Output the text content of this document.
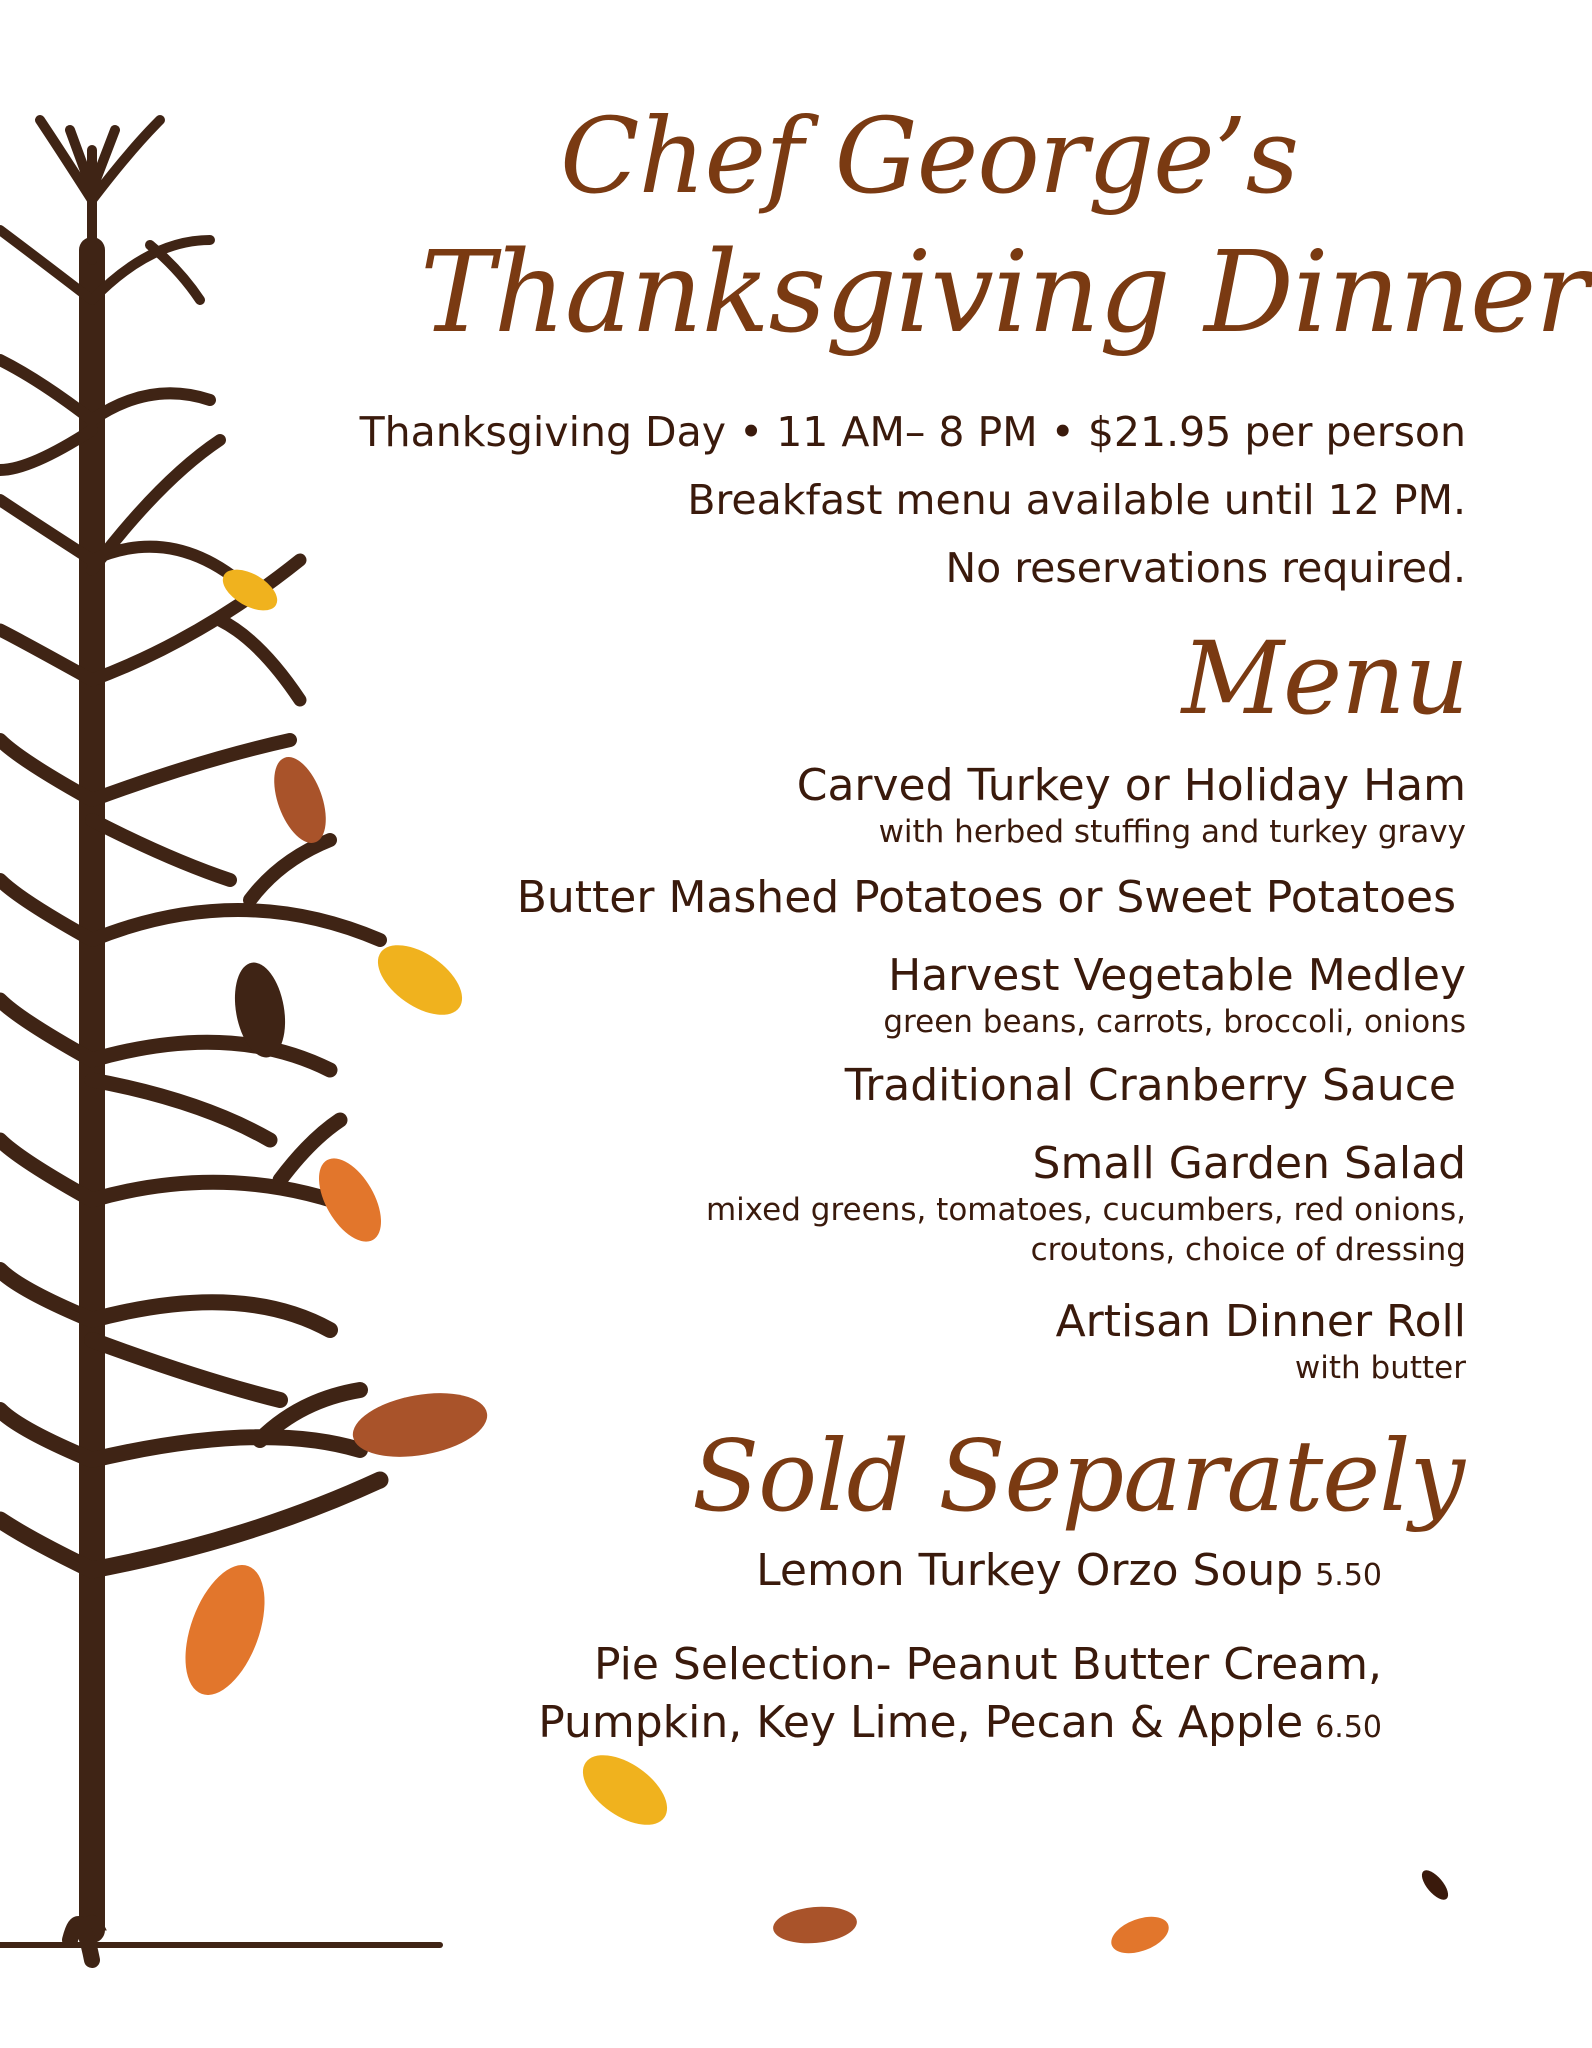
Chef George’s
Thanksgiving Dinner
Thanksgiving Day • 11 AM– 8 PM • $21.95 per person
Breakfast menu available until 12 PM.
No reservations required.
Menu
Carved Turkey or Holiday Ham
with herbed stuffing and turkey gravy
Butter Mashed Potatoes or Sweet Potatoes
Harvest Vegetable Medley
green beans, carrots, broccoli, onions
Traditional Cranberry Sauce
Small Garden Salad
mixed greens, tomatoes, cucumbers, red onions,
croutons, choice of dressing
Artisan Dinner Roll
with butter
Sold Separately
Lemon Turkey Orzo Soup 5.50
Pie Selection- Peanut Butter Cream,
Pumpkin, Key Lime, Pecan & Apple 6.50
